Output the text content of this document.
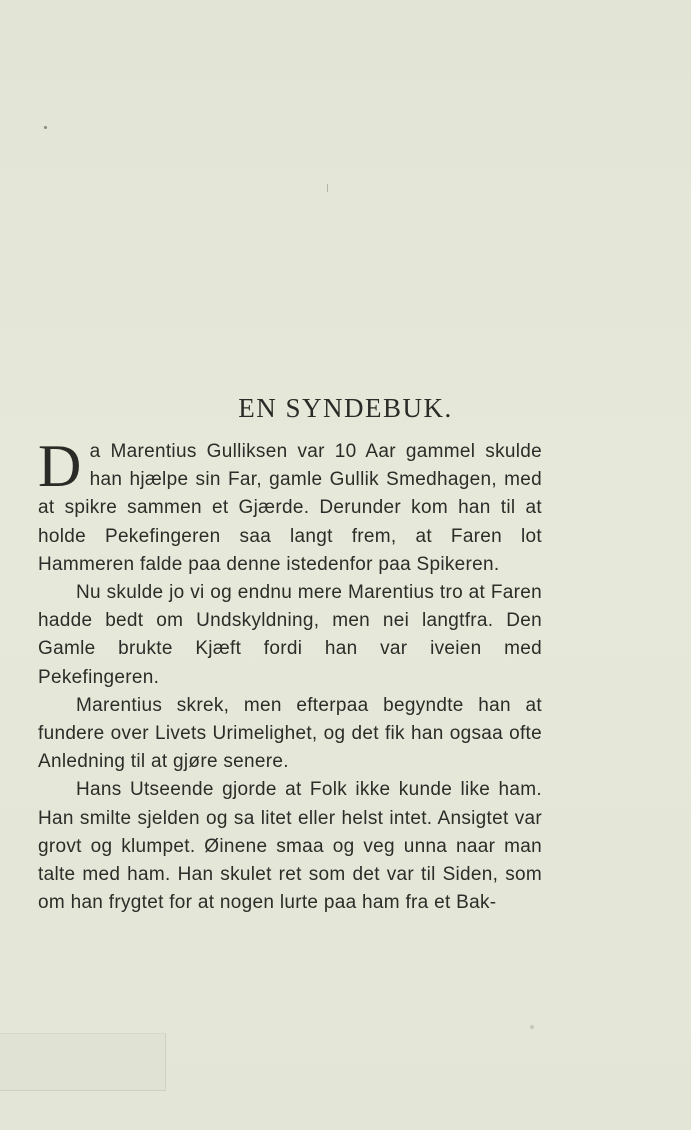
EN SYNDEBUK.

Da Marentius Gulliksen var 10 Aar gammel skulde han hjælpe sin Far, gamle Gullik Smedhagen, med at spikre sammen et Gjærde. Derunder kom han til at holde Pekefingeren saa langt frem, at Faren lot Hammeren falde paa denne istedenfor paa Spikeren.

Nu skulde jo vi og endnu mere Marentius tro at Faren hadde bedt om Undskyldning, men nei langtfra. Den Gamle brukte Kjæft fordi han var iveien med Pekefingeren.

Marentius skrek, men efterpaa begyndte han at fundere over Livets Urimelighet, og det fik han ogsaa ofte Anledning til at gjøre senere.

Hans Utseende gjorde at Folk ikke kunde like ham. Han smilte sjelden og sa litet eller helst intet. Ansigtet var grovt og klumpet. Øinene smaa og veg unna naar man talte med ham. Han skulet ret som det var til Siden, som om han frygtet for at nogen lurte paa ham fra et Bak-
